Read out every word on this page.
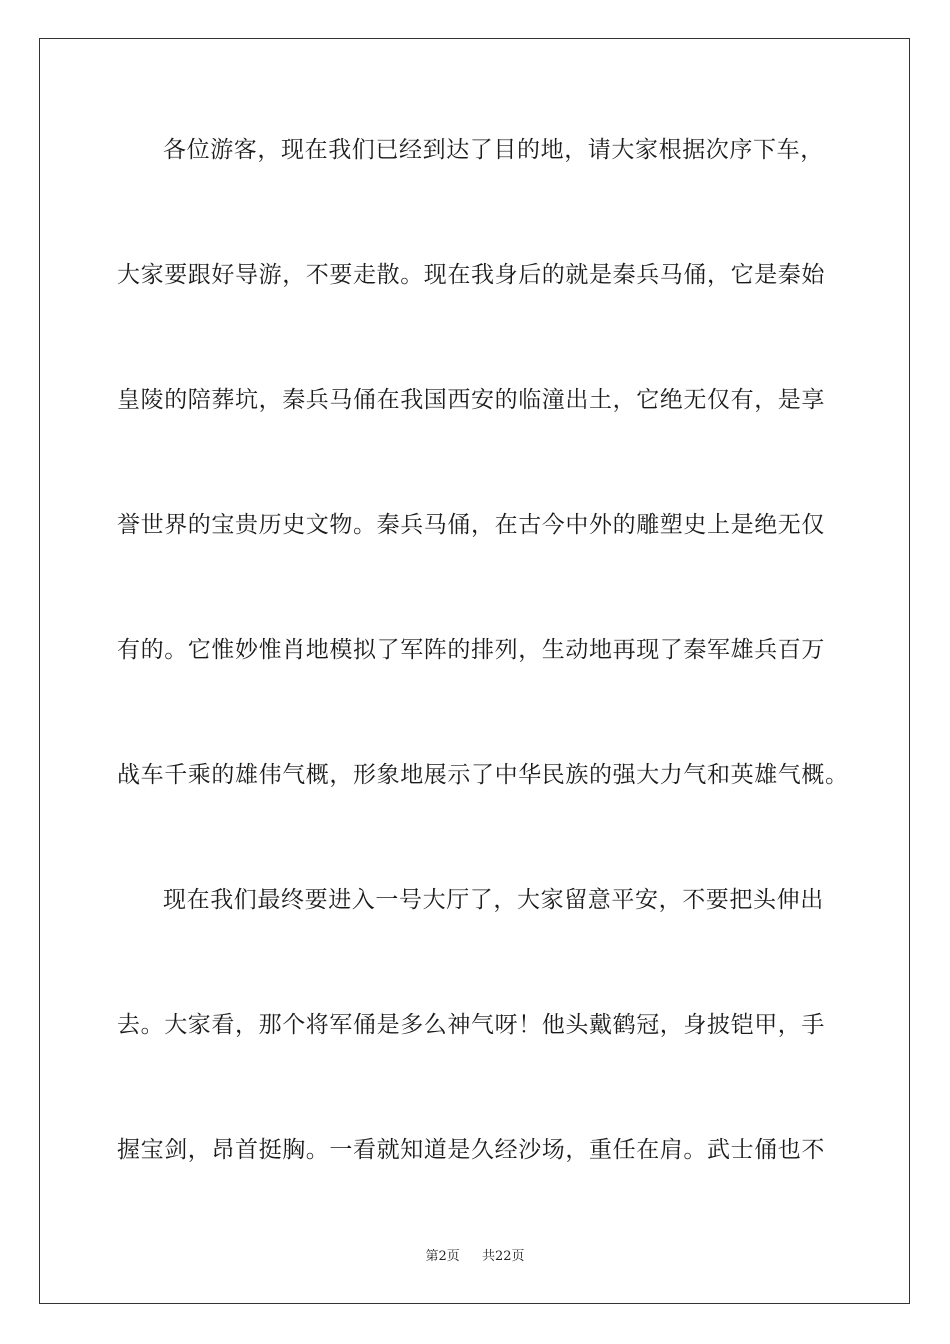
各位游客，现在我们已经到达了目的地，请大家根据次序下车，
大家要跟好导游，不要走散。现在我身后的就是秦兵马俑，它是秦始
皇陵的陪葬坑，秦兵马俑在我国西安的临潼出土，它绝无仅有，是享
誉世界的宝贵历史文物。秦兵马俑，在古今中外的雕塑史上是绝无仅
有的。它惟妙惟肖地模拟了军阵的排列，生动地再现了秦军雄兵百万
战车千乘的雄伟气概，形象地展示了中华民族的强大力气和英雄气概。
现在我们最终要进入一号大厅了，大家留意平安，不要把头伸出
去。大家看，那个将军俑是多么神气呀！他头戴鹤冠，身披铠甲，手
握宝剑，昂首挺胸。一看就知道是久经沙场，重任在肩。武士俑也不
第2页 共22页
